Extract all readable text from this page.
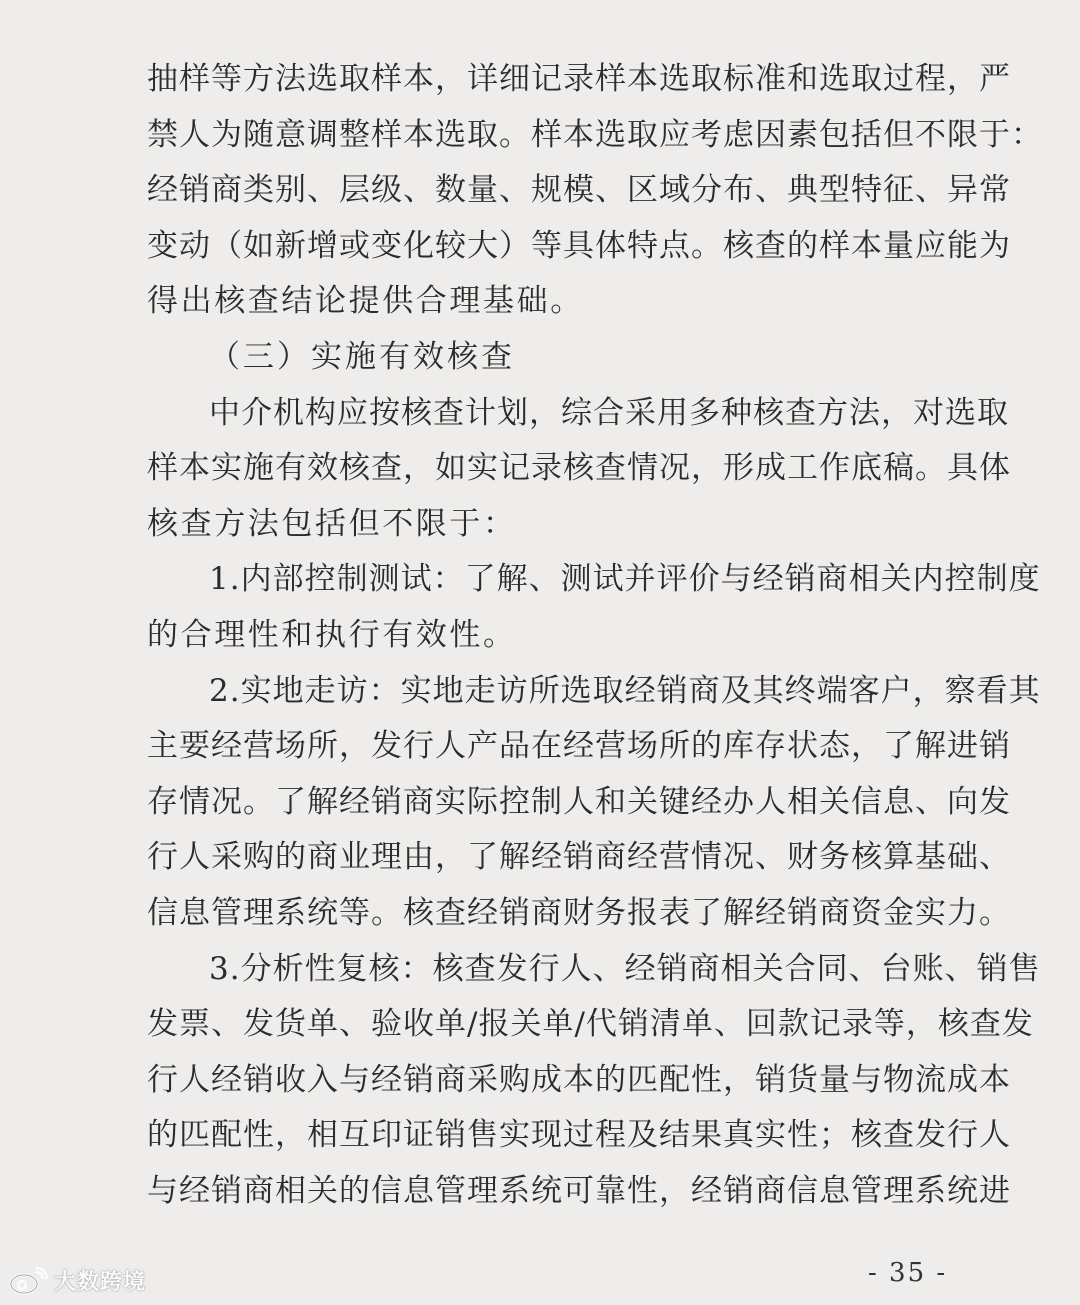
抽样等方法选取样本，详细记录样本选取标准和选取过程，严
禁人为随意调整样本选取。样本选取应考虑因素包括但不限于：
经销商类别、层级、数量、规模、区域分布、典型特征、异常
变动（如新增或变化较大）等具体特点。核查的样本量应能为
得出核查结论提供合理基础。
（三）实施有效核查
中介机构应按核查计划，综合采用多种核查方法，对选取
样本实施有效核查，如实记录核查情况，形成工作底稿。具体
核查方法包括但不限于：
1.内部控制测试：了解、测试并评价与经销商相关内控制度
的合理性和执行有效性。
2.实地走访：实地走访所选取经销商及其终端客户，察看其
主要经营场所，发行人产品在经营场所的库存状态，了解进销
存情况。了解经销商实际控制人和关键经办人相关信息、向发
行人采购的商业理由，了解经销商经营情况、财务核算基础、
信息管理系统等。核查经销商财务报表了解经销商资金实力。
3.分析性复核：核查发行人、经销商相关合同、台账、销售
发票、发货单、验收单/报关单/代销清单、回款记录等，核查发
行人经销收入与经销商采购成本的匹配性，销货量与物流成本
的匹配性，相互印证销售实现过程及结果真实性；核查发行人
与经销商相关的信息管理系统可靠性，经销商信息管理系统进
- 35 -
大数跨境
